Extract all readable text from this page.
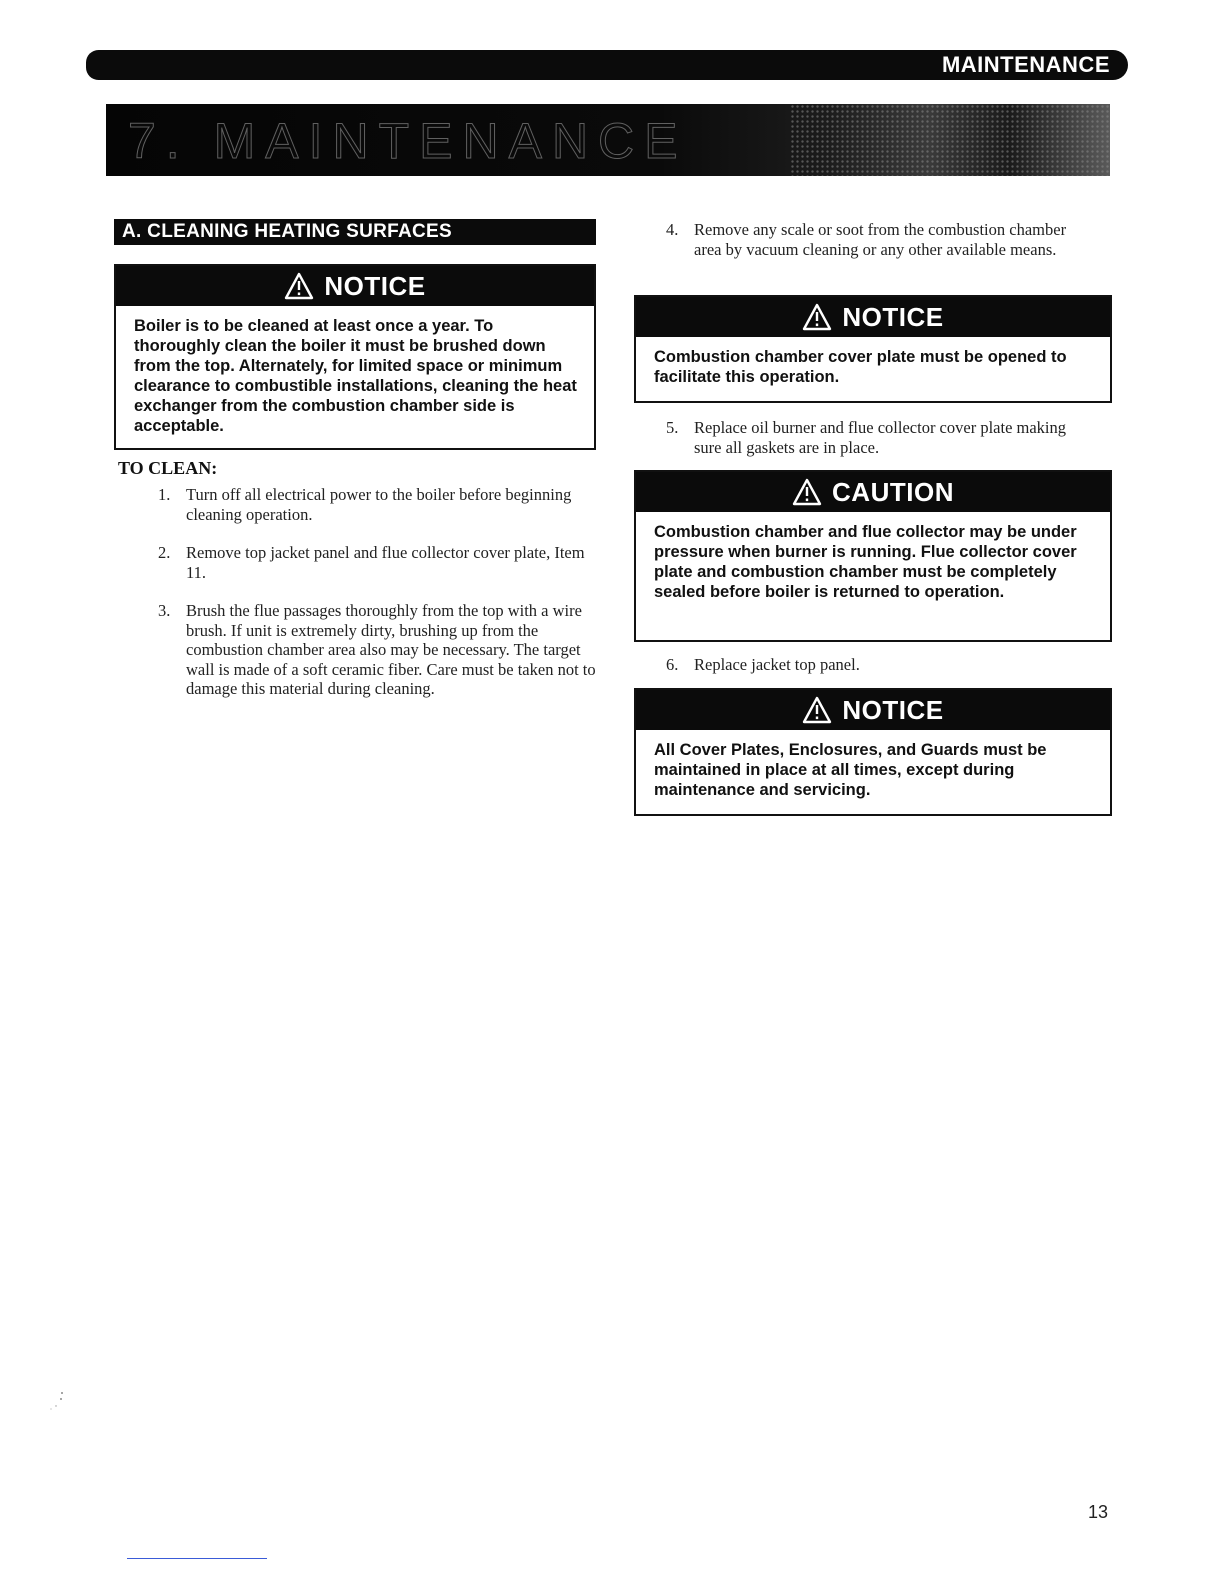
MAINTENANCE
7. MAINTENANCE
A. CLEANING HEATING SURFACES
NOTICE
Boiler is to be cleaned at least once a year. To thoroughly clean the boiler it must be brushed down from the top. Alternately, for limited space or minimum clearance to combustible installations, cleaning the heat exchanger from the combustion chamber side is acceptable.
TO CLEAN:
1. Turn off all electrical power to the boiler before beginning cleaning operation.
2. Remove top jacket panel and flue collector cover plate, Item 11.
3. Brush the flue passages thoroughly from the top with a wire brush. If unit is extremely dirty, brushing up from the combustion chamber area also may be necessary. The target wall is made of a soft ceramic fiber. Care must be taken not to damage this material during cleaning.
4. Remove any scale or soot from the combustion chamber area by vacuum cleaning or any other available means.
NOTICE
Combustion chamber cover plate must be opened to facilitate this operation.
5. Replace oil burner and flue collector cover plate making sure all gaskets are in place.
CAUTION
Combustion chamber and flue collector may be under pressure when burner is running. Flue collector cover plate and combustion chamber must be completely sealed before boiler is returned to operation.
6. Replace jacket top panel.
NOTICE
All Cover Plates, Enclosures, and Guards must be maintained in place at all times, except during maintenance and servicing.
13
